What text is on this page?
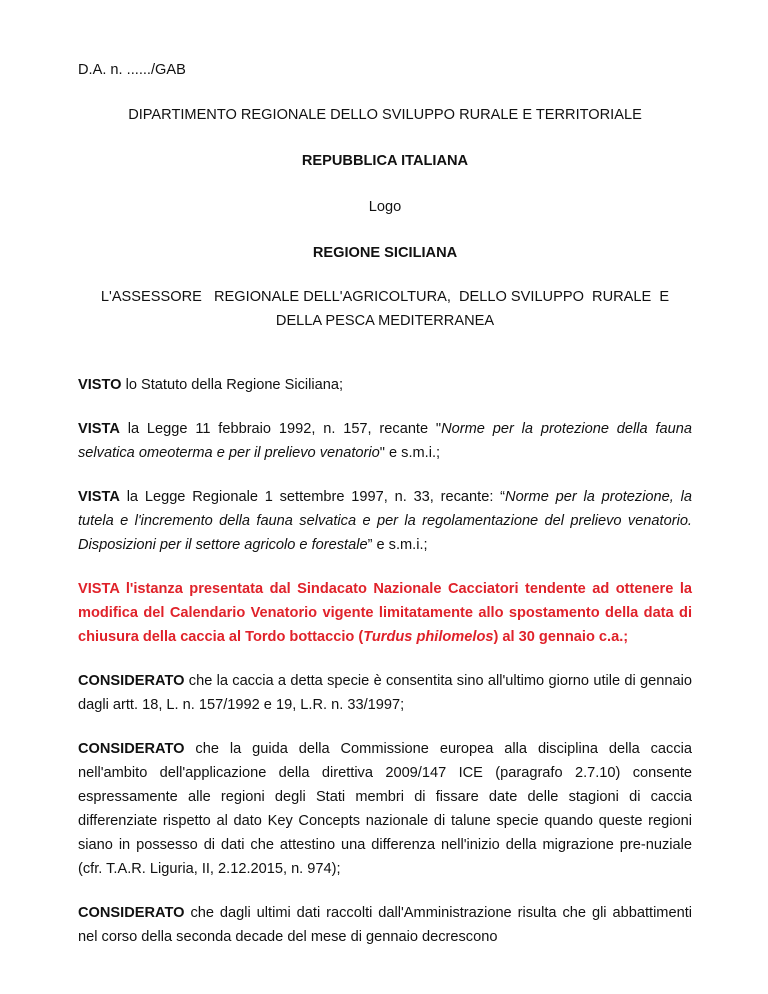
D.A. n. ....../GAB

DIPARTIMENTO REGIONALE DELLO SVILUPPO RURALE E TERRITORIALE

REPUBBLICA ITALIANA

Logo

REGIONE SICILIANA

L'ASSESSORE   REGIONALE DELL'AGRICOLTURA,  DELLO SVILUPPO  RURALE  E
DELLA PESCA MEDITERRANEA

VISTO lo Statuto della Regione Siciliana;

VISTA la Legge 11 febbraio 1992, n. 157, recante "Norme per la protezione della fauna selvatica omeoterma e per il prelievo venatorio" e s.m.i.;

VISTA la Legge Regionale 1 settembre 1997, n. 33, recante: “Norme per la protezione, la tutela e l'incremento della fauna selvatica e per la regolamentazione del prelievo venatorio. Disposizioni per il settore agricolo e forestale” e s.m.i.;

VISTA l'istanza presentata dal Sindacato Nazionale Cacciatori tendente ad ottenere la modifica del Calendario Venatorio vigente limitatamente allo spostamento della data di chiusura della caccia al Tordo bottaccio (Turdus philomelos) al 30 gennaio c.a.;

CONSIDERATO che la caccia a detta specie è consentita sino all'ultimo giorno utile di gennaio dagli artt. 18, L. n. 157/1992 e 19, L.R. n. 33/1997;

CONSIDERATO che la guida della Commissione europea alla disciplina della caccia nell'ambito dell'applicazione della direttiva 2009/147 ICE (paragrafo 2.7.10) consente espressamente alle regioni degli Stati membri di fissare date delle stagioni di caccia differenziate rispetto al dato Key Concepts nazionale di talune specie quando queste regioni siano in possesso di dati che attestino una differenza nell'inizio della migrazione pre-nuziale (cfr. T.A.R. Liguria, II, 2.12.2015, n. 974);

CONSIDERATO che dagli ultimi dati raccolti dall'Amministrazione risulta che gli abbattimenti nel corso della seconda decade del mese di gennaio decrescono
